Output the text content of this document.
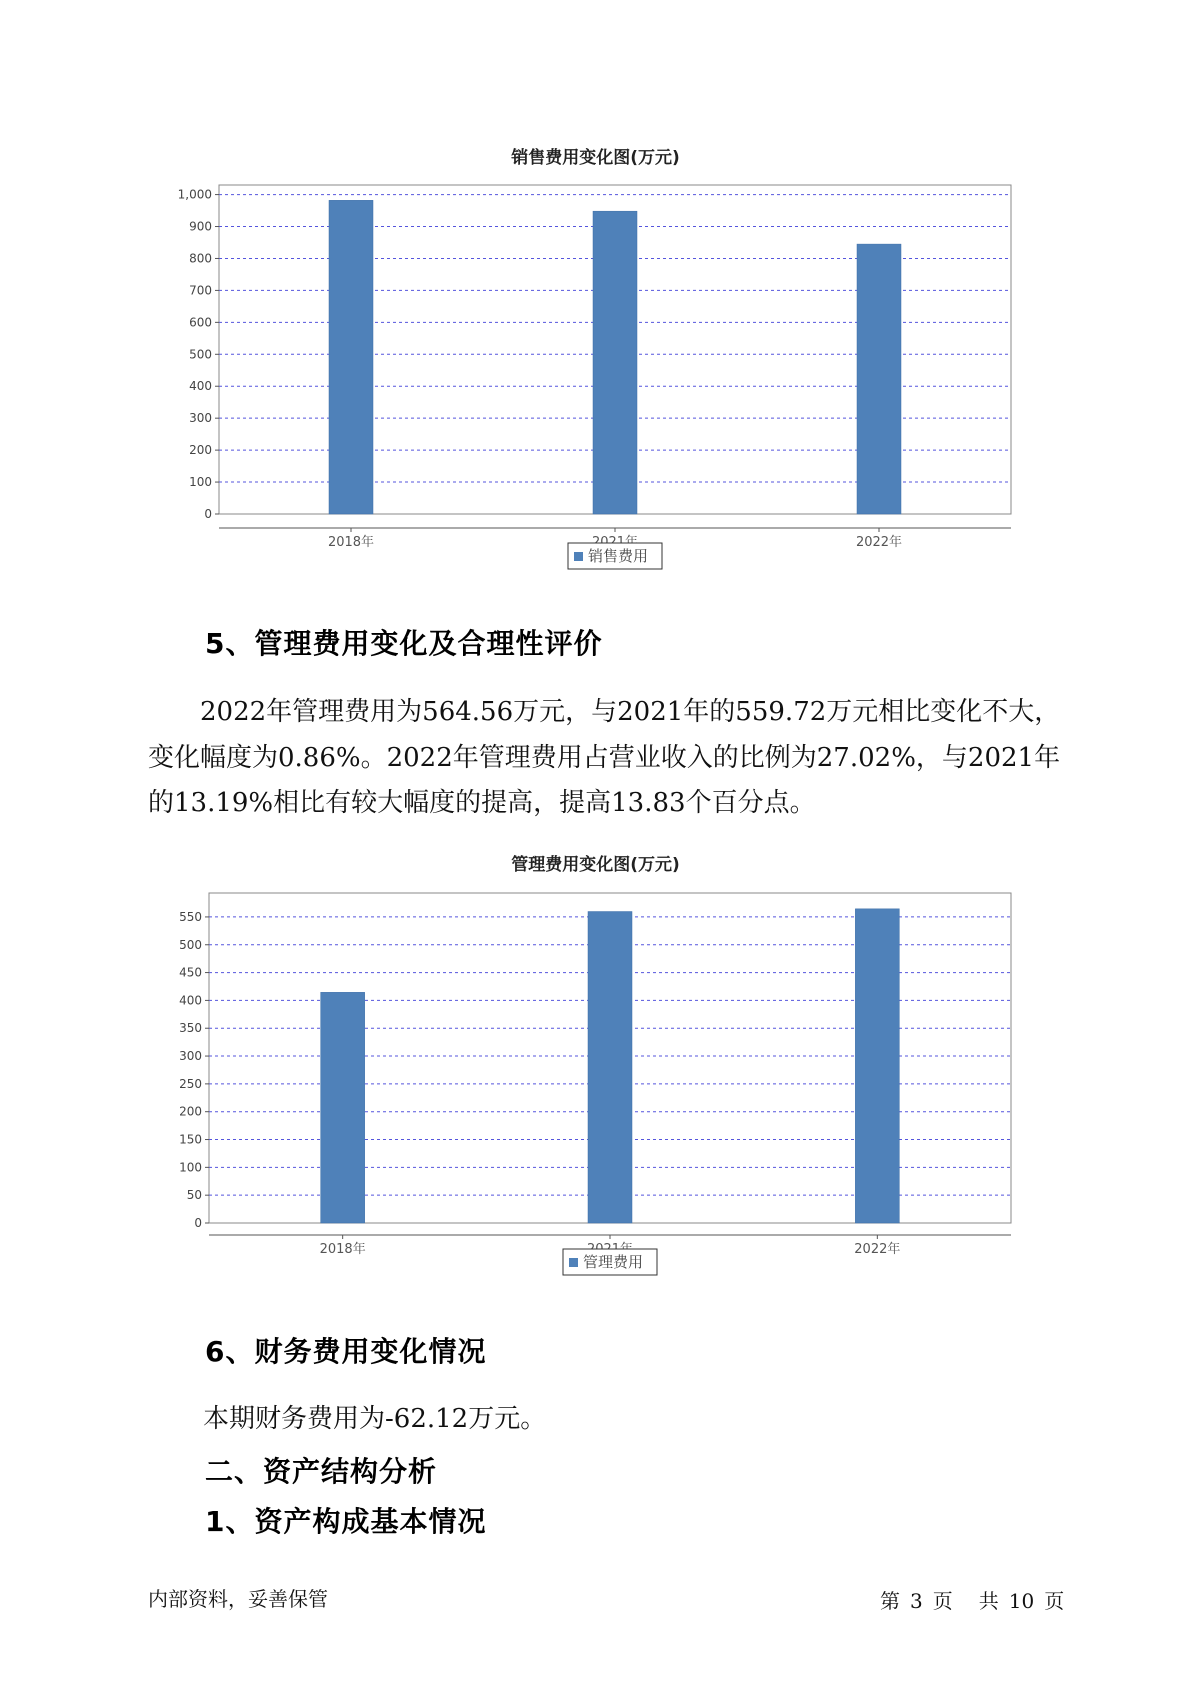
销售费用变化图(万元)
0
100
200
300
400
500
600
700
800
900
1,000
2018年	2022年
销售费用
5、管理费用变化及合理性评价
2022年管理费用为564.56万元，与2021年的559.72万元相比变化不大，
变化幅度为0.86%。2022年管理费用占营业收入的比例为27.02%，与2021年
的13.19%相比有较大幅度的提高，提高13.83个百分点。
管理费用变化图(万元)
0
50
100
150
200
250
300
350
400
450
500
550
2018年	2022年
管理费用
6、财务费用变化情况
本期财务费用为-62.12万元。
二、资产结构分析
1、资产构成基本情况
内部资料，妥善保管	第 3 页 共 10 页
